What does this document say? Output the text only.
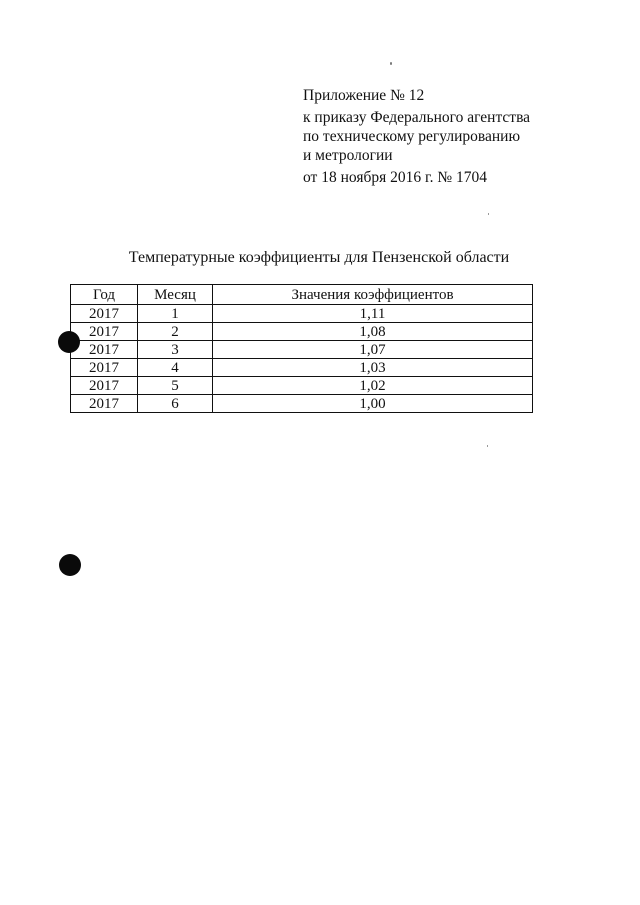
Приложение № 12
к приказу Федерального агентства
по техническому регулированию
и метрологии
от 18 ноября 2016 г. № 1704
Температурные коэффициенты для Пензенской области
Год	Месяц	Значения коэффициентов
2017	1	1,11
2017	2	1,08
2017	3	1,07
2017	4	1,03
2017	5	1,02
2017	6	1,00
